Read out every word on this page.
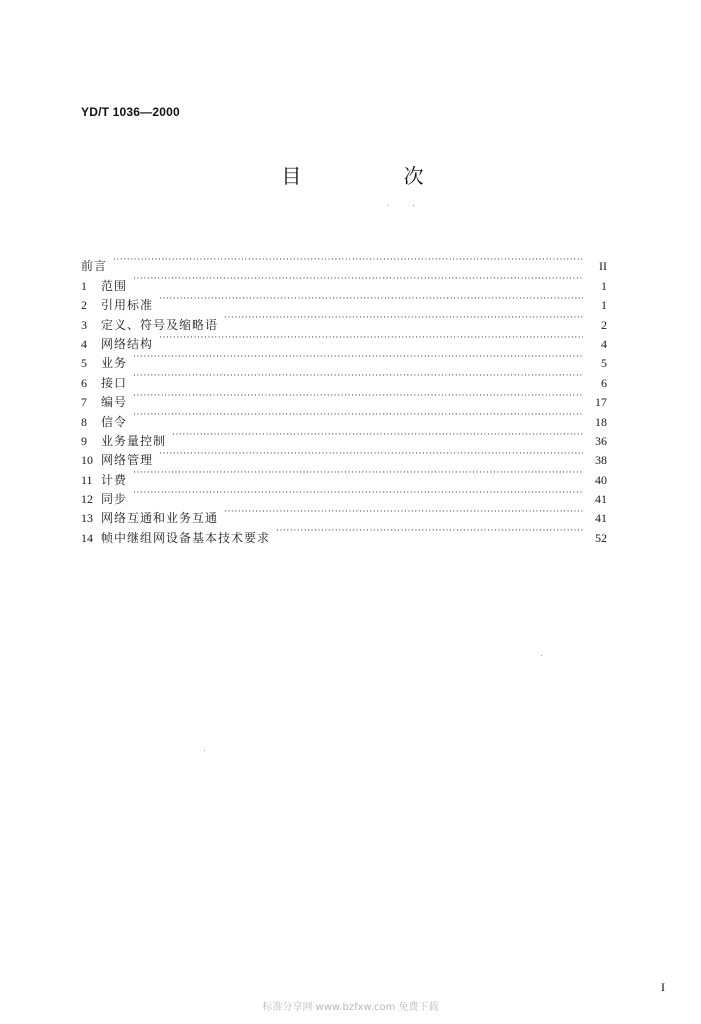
YD/T 1036—2000
目 次
前言 ·····	II
1	范围 ·····	1
2	引用标准 ·····	1
3	定义、符号及缩略语 ·····	2
4	网络结构 ·····	4
5	业务 ·····	5
6	接口 ·····	6
7	编号 ·····	17
8	信令 ·····	18
9	业务量控制 ·····	36
10 网络管理 ·····	38
11 计费 ·····	40
12 同步 ·····	41
13 网络互通和业务互通 ·····	41
14 帧中继组网设备基本技术要求 ·····	52
I
标准分享网 www.bzfxw.com 免费下载
